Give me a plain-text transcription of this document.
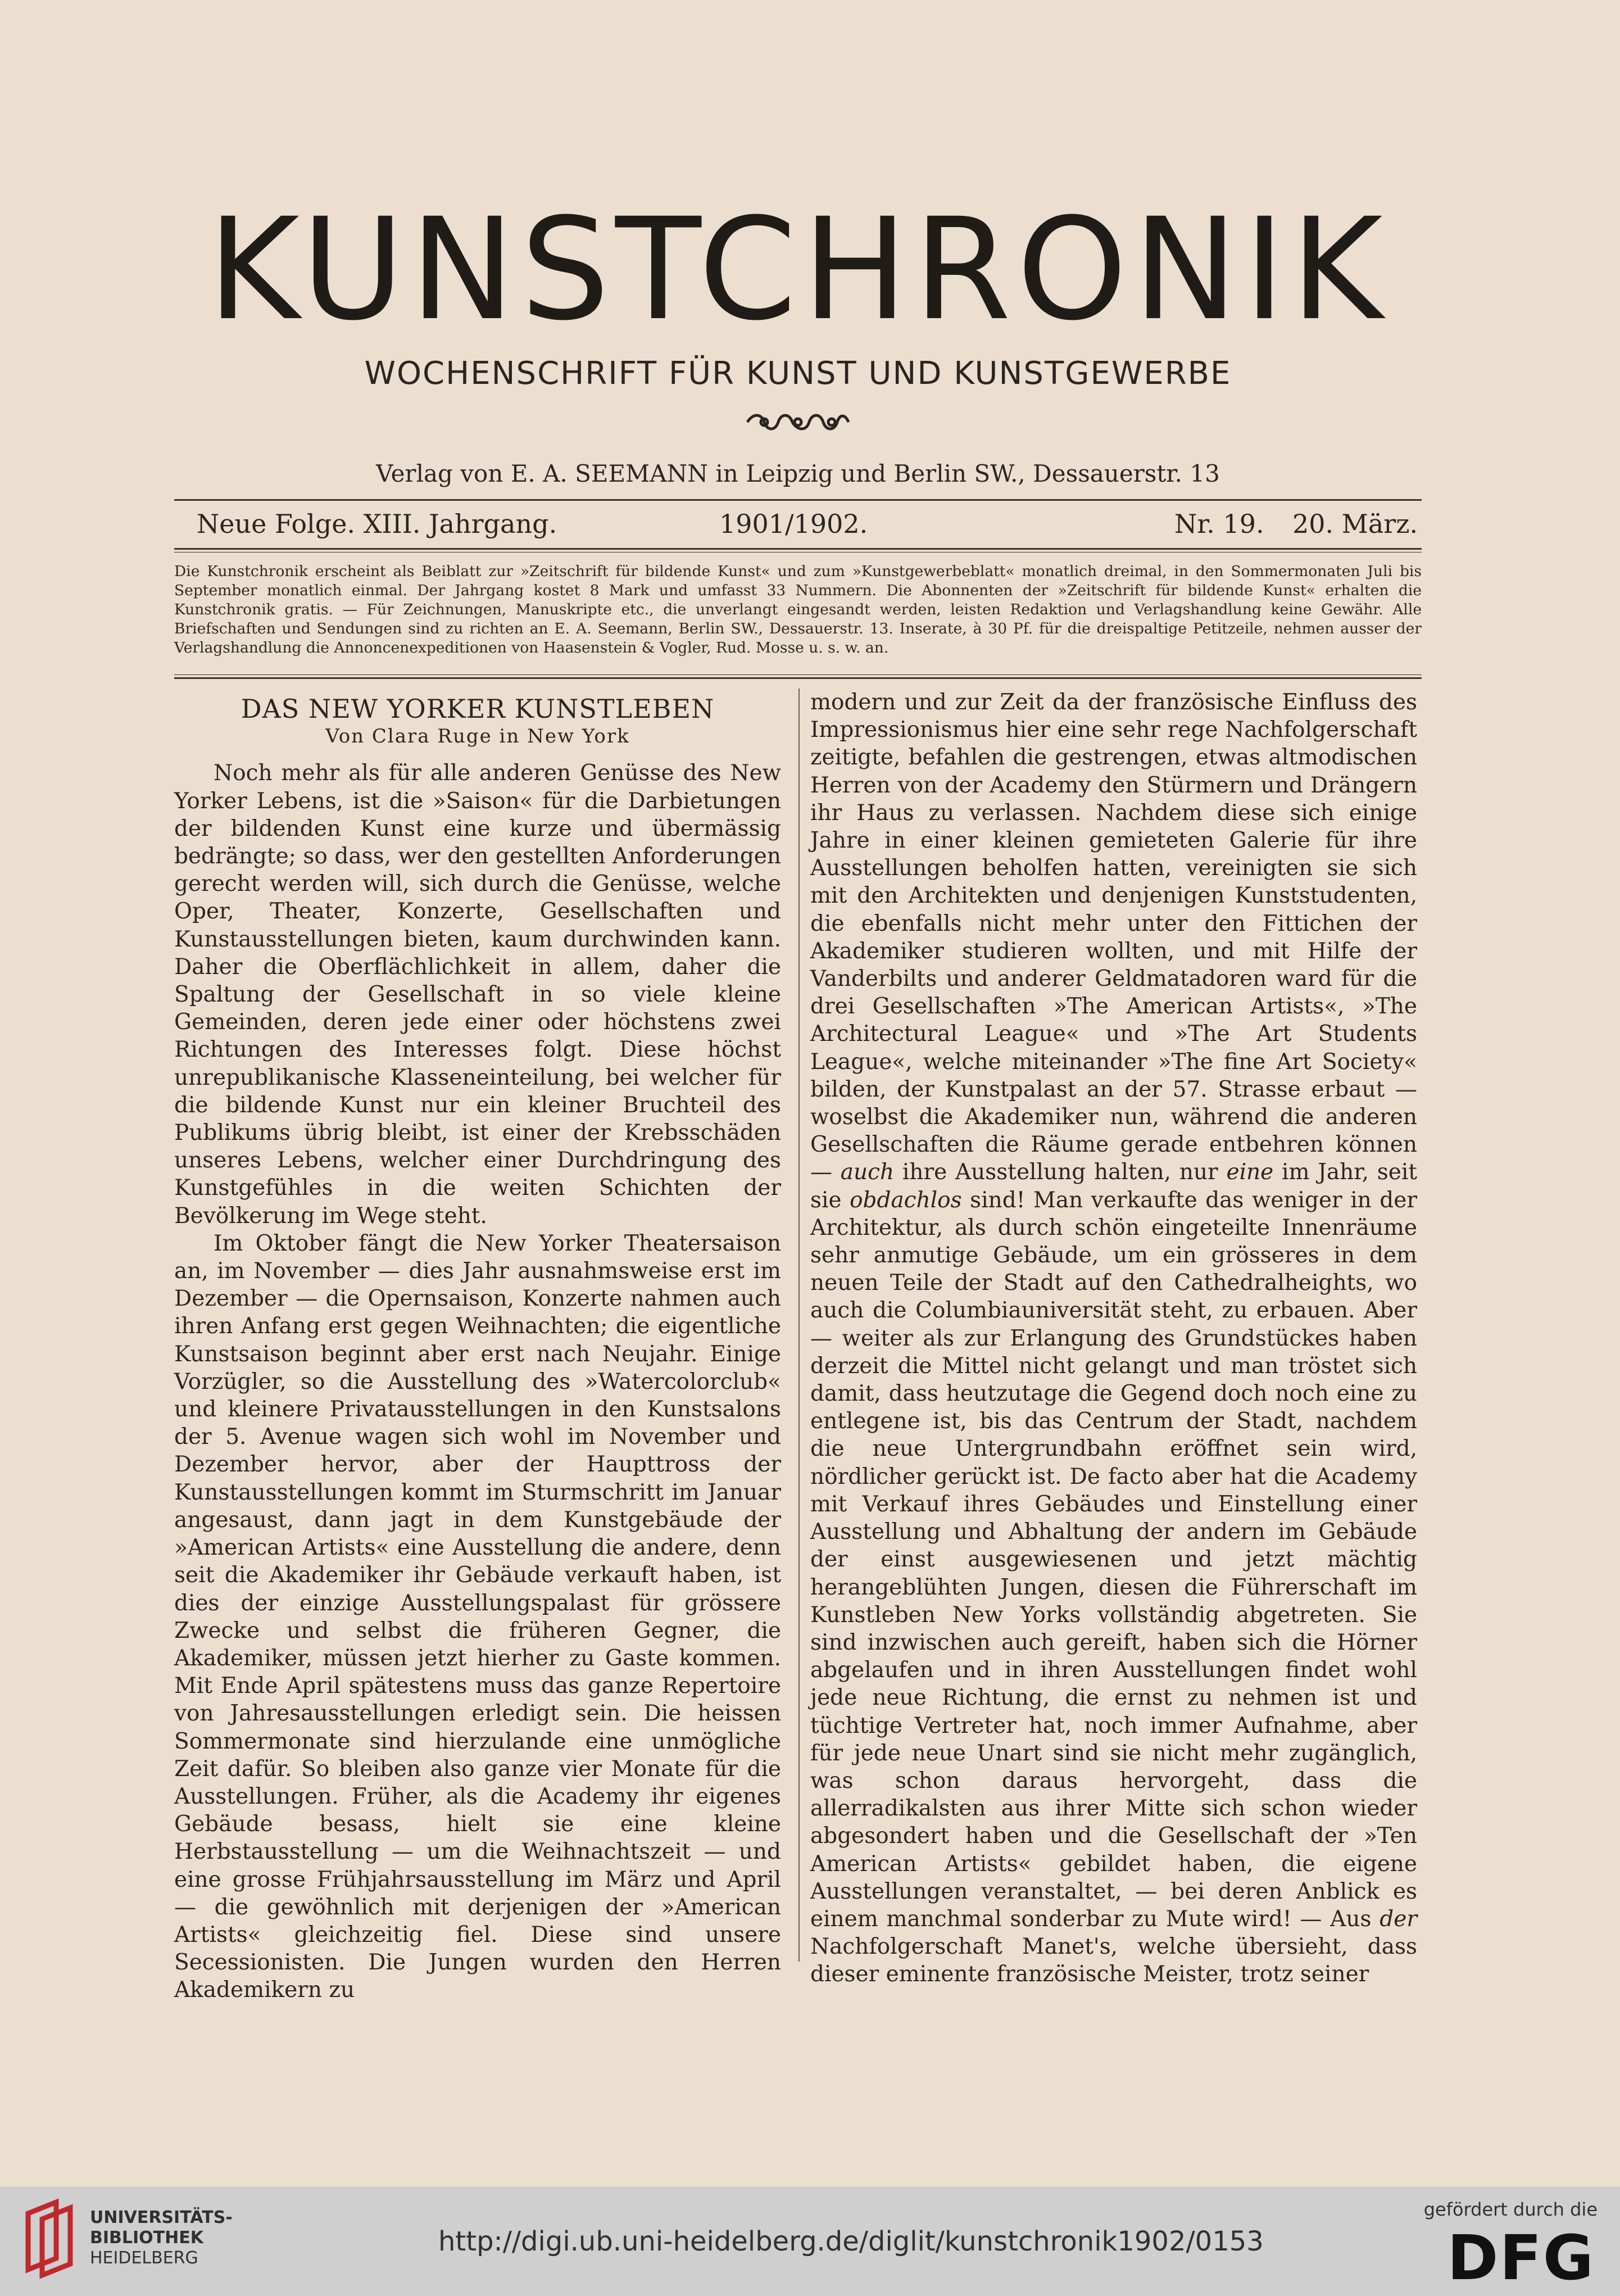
KUNSTCHRONIK
WOCHENSCHRIFT FÜR KUNST UND KUNSTGEWERBE
Verlag von E. A. SEEMANN in Leipzig und Berlin SW., Dessauerstr. 13
Neue Folge. XIII. Jahrgang.	1901/1902.	Nr. 19. 20. März.

Die Kunstchronik erscheint als Beiblatt zur »Zeitschrift für bildende Kunst« und zum »Kunstgewerbeblatt« monatlich dreimal, in den Sommermonaten Juli bis September monatlich einmal. Der Jahrgang kostet 8 Mark und umfasst 33 Nummern. Die Abonnenten der »Zeitschrift für bildende Kunst« erhalten die Kunstchronik gratis. — Für Zeichnungen, Manuskripte etc., die unverlangt eingesandt werden, leisten Redaktion und Verlagshandlung keine Gewähr. Alle Briefschaften und Sendungen sind zu richten an E. A. Seemann, Berlin SW., Dessauerstr. 13. Inserate, à 30 Pf. für die dreispaltige Petitzeile, nehmen ausser der Verlagshandlung die Annoncenexpeditionen von Haasenstein & Vogler, Rud. Mosse u. s. w. an.

DAS NEW YORKER KUNSTLEBEN

Von Clara Ruge in New York

Noch mehr als für alle anderen Genüsse des New Yorker Lebens, ist die »Saison« für die Darbietungen der bildenden Kunst eine kurze und übermässig bedrängte; so dass, wer den gestellten Anforderungen gerecht werden will, sich durch die Genüsse, welche Oper, Theater, Konzerte, Gesellschaften und Kunstausstellungen bieten, kaum durchwinden kann. Daher die Oberflächlichkeit in allem, daher die Spaltung der Gesellschaft in so viele kleine Gemeinden, deren jede einer oder höchstens zwei Richtungen des Interesses folgt. Diese höchst unrepublikanische Klasseneinteilung, bei welcher für die bildende Kunst nur ein kleiner Bruchteil des Publikums übrig bleibt, ist einer der Krebsschäden unseres Lebens, welcher einer Durchdringung des Kunstgefühles in die weiten Schichten der Bevölkerung im Wege steht.

Im Oktober fängt die New Yorker Theatersaison an, im November — dies Jahr ausnahmsweise erst im Dezember — die Opernsaison, Konzerte nahmen auch ihren Anfang erst gegen Weihnachten; die eigentliche Kunstsaison beginnt aber erst nach Neujahr. Einige Vorzügler, so die Ausstellung des »Watercolorclub« und kleinere Privatausstellungen in den Kunstsalons der 5. Avenue wagen sich wohl im November und Dezember hervor, aber der Haupttross der Kunstausstellungen kommt im Sturmschritt im Januar angesaust, dann jagt in dem Kunstgebäude der »American Artists« eine Ausstellung die andere, denn seit die Akademiker ihr Gebäude verkauft haben, ist dies der einzige Ausstellungspalast für grössere Zwecke und selbst die früheren Gegner, die Akademiker, müssen jetzt hierher zu Gaste kommen. Mit Ende April spätestens muss das ganze Repertoire von Jahresausstellungen erledigt sein. Die heissen Sommermonate sind hierzulande eine unmögliche Zeit dafür. So bleiben also ganze vier Monate für die Ausstellungen. Früher, als die Academy ihr eigenes Gebäude besass, hielt sie eine kleine Herbstausstellung — um die Weihnachtszeit — und eine grosse Frühjahrsausstellung im März und April — die gewöhnlich mit derjenigen der »American Artists« gleichzeitig fiel. Diese sind unsere Secessionisten. Die Jungen wurden den Herren Akademikern zu

modern und zur Zeit da der französische Einfluss des Impressionismus hier eine sehr rege Nachfolgerschaft zeitigte, befahlen die gestrengen, etwas altmodischen Herren von der Academy den Stürmern und Drängern ihr Haus zu verlassen. Nachdem diese sich einige Jahre in einer kleinen gemieteten Galerie für ihre Ausstellungen beholfen hatten, vereinigten sie sich mit den Architekten und denjenigen Kunststudenten, die ebenfalls nicht mehr unter den Fittichen der Akademiker studieren wollten, und mit Hilfe der Vanderbilts und anderer Geldmatadoren ward für die drei Gesellschaften »The American Artists«, »The Architectural League« und »The Art Students League«, welche miteinander »The fine Art Society« bilden, der Kunstpalast an der 57. Strasse erbaut — woselbst die Akademiker nun, während die anderen Gesellschaften die Räume gerade entbehren können — auch ihre Ausstellung halten, nur eine im Jahr, seit sie obdachlos sind! Man verkaufte das weniger in der Architektur, als durch schön eingeteilte Innenräume sehr anmutige Gebäude, um ein grösseres in dem neuen Teile der Stadt auf den Cathedralheights, wo auch die Columbiauniversität steht, zu erbauen. Aber — weiter als zur Erlangung des Grundstückes haben derzeit die Mittel nicht gelangt und man tröstet sich damit, dass heutzutage die Gegend doch noch eine zu entlegene ist, bis das Centrum der Stadt, nachdem die neue Untergrundbahn eröffnet sein wird, nördlicher gerückt ist. De facto aber hat die Academy mit Verkauf ihres Gebäudes und Einstellung einer Ausstellung und Abhaltung der andern im Gebäude der einst ausgewiesenen und jetzt mächtig herangeblühten Jungen, diesen die Führerschaft im Kunstleben New Yorks vollständig abgetreten. Sie sind inzwischen auch gereift, haben sich die Hörner abgelaufen und in ihren Ausstellungen findet wohl jede neue Richtung, die ernst zu nehmen ist und tüchtige Vertreter hat, noch immer Aufnahme, aber für jede neue Unart sind sie nicht mehr zugänglich, was schon daraus hervorgeht, dass die allerradikalsten aus ihrer Mitte sich schon wieder abgesondert haben und die Gesellschaft der »Ten American Artists« gebildet haben, die eigene Ausstellungen veranstaltet, — bei deren Anblick es einem manchmal sonderbar zu Mute wird! — Aus der Nachfolgerschaft Manet's, welche übersieht, dass dieser eminente französische Meister, trotz seiner

UNIVERSITÄTS-
BIBLIOTHEK
HEIDELBERG
http://digi.ub.uni-heidelberg.de/diglit/kunstchronik1902/0153
gefördert durch die
DFG
